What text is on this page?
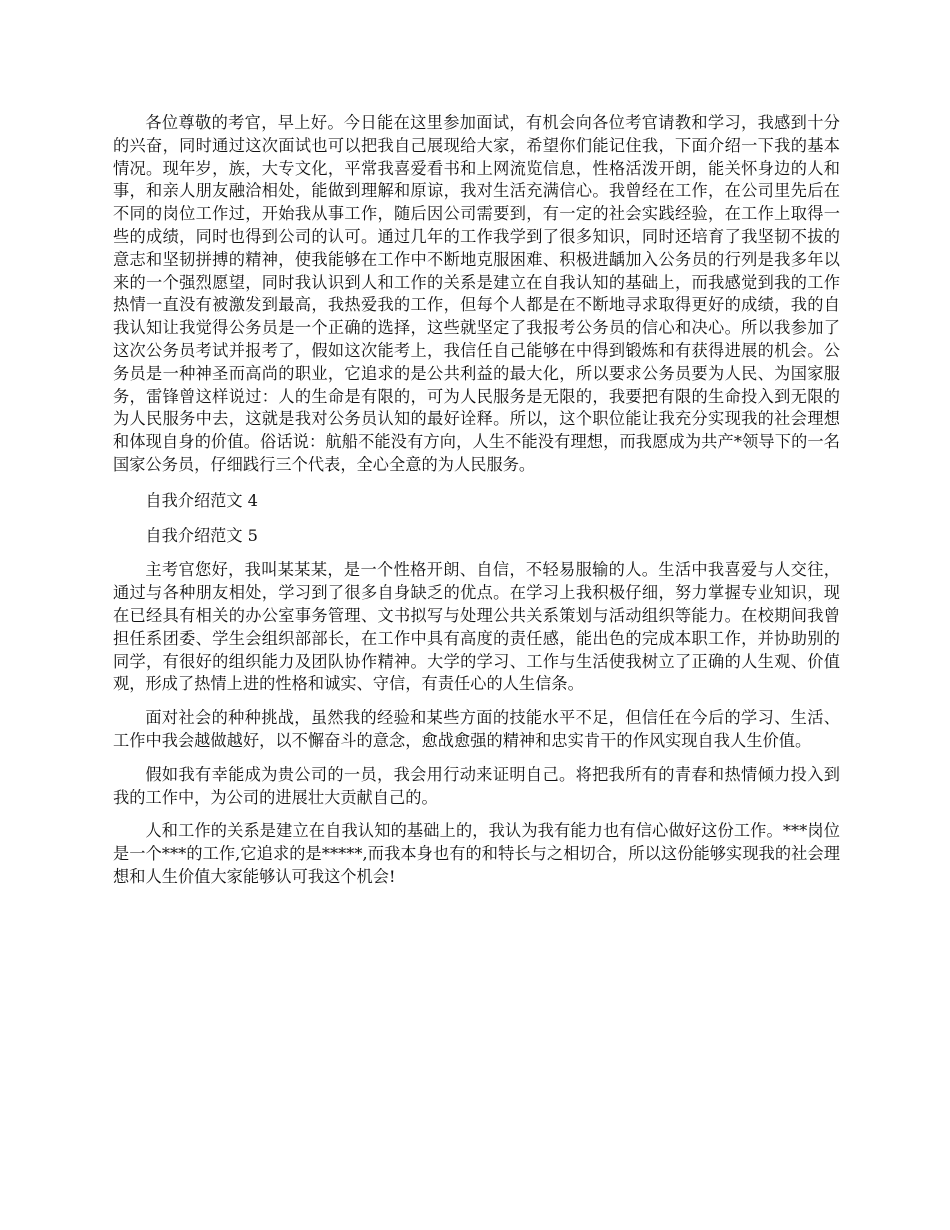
各位尊敬的考官，早上好。今日能在这里参加面试，有机会向各位考官请教和学习，我感到十分的兴奋，同时通过这次面试也可以把我自己展现给大家，希望你们能记住我，下面介绍一下我的基本情况。现年岁，族，大专文化，平常我喜爱看书和上网流览信息，性格活泼开朗，能关怀身边的人和事，和亲人朋友融洽相处，能做到理解和原谅，我对生活充满信心。我曾经在工作，在公司里先后在不同的岗位工作过，开始我从事工作，随后因公司需要到，有一定的社会实践经验，在工作上取得一些的成绩，同时也得到公司的认可。通过几年的工作我学到了很多知识，同时还培育了我坚韧不拔的意志和坚韧拼搏的精神，使我能够在工作中不断地克服困难、积极进龋加入公务员的行列是我多年以来的一个强烈愿望，同时我认识到人和工作的关系是建立在自我认知的基础上，而我感觉到我的工作热情一直没有被激发到最高，我热爱我的工作，但每个人都是在不断地寻求取得更好的成绩，我的自我认知让我觉得公务员是一个正确的选择，这些就坚定了我报考公务员的信心和决心。所以我参加了这次公务员考试并报考了，假如这次能考上，我信任自己能够在中得到锻炼和有获得进展的机会。公务员是一种神圣而高尚的职业，它追求的是公共利益的最大化，所以要求公务员要为人民、为国家服务，雷锋曾这样说过：人的生命是有限的，可为人民服务是无限的，我要把有限的生命投入到无限的为人民服务中去，这就是我对公务员认知的最好诠释。所以，这个职位能让我充分实现我的社会理想和体现自身的价值。俗话说：航船不能没有方向，人生不能没有理想，而我愿成为共产*领导下的一名国家公务员，仔细践行三个代表，全心全意的为人民服务。

自我介绍范文 4

自我介绍范文 5

主考官您好，我叫某某某，是一个性格开朗、自信，不轻易服输的人。生活中我喜爱与人交往，通过与各种朋友相处，学习到了很多自身缺乏的优点。在学习上我积极仔细，努力掌握专业知识，现在已经具有相关的办公室事务管理、文书拟写与处理公共关系策划与活动组织等能力。在校期间我曾担任系团委、学生会组织部部长，在工作中具有高度的责任感，能出色的完成本职工作，并协助别的同学，有很好的组织能力及团队协作精神。大学的学习、工作与生活使我树立了正确的人生观、价值观，形成了热情上进的性格和诚实、守信，有责任心的人生信条。

面对社会的种种挑战，虽然我的经验和某些方面的技能水平不足，但信任在今后的学习、生活、工作中我会越做越好，以不懈奋斗的意念，愈战愈强的精神和忠实肯干的作风实现自我人生价值。

假如我有幸能成为贵公司的一员，我会用行动来证明自己。将把我所有的青春和热情倾力投入到我的工作中，为公司的进展壮大贡献自己的。

人和工作的关系是建立在自我认知的基础上的，我认为我有能力也有信心做好这份工作。***岗位是一个***的工作,它追求的是*****,而我本身也有的和特长与之相切合，所以这份能够实现我的社会理想和人生价值大家能够认可我这个机会!
